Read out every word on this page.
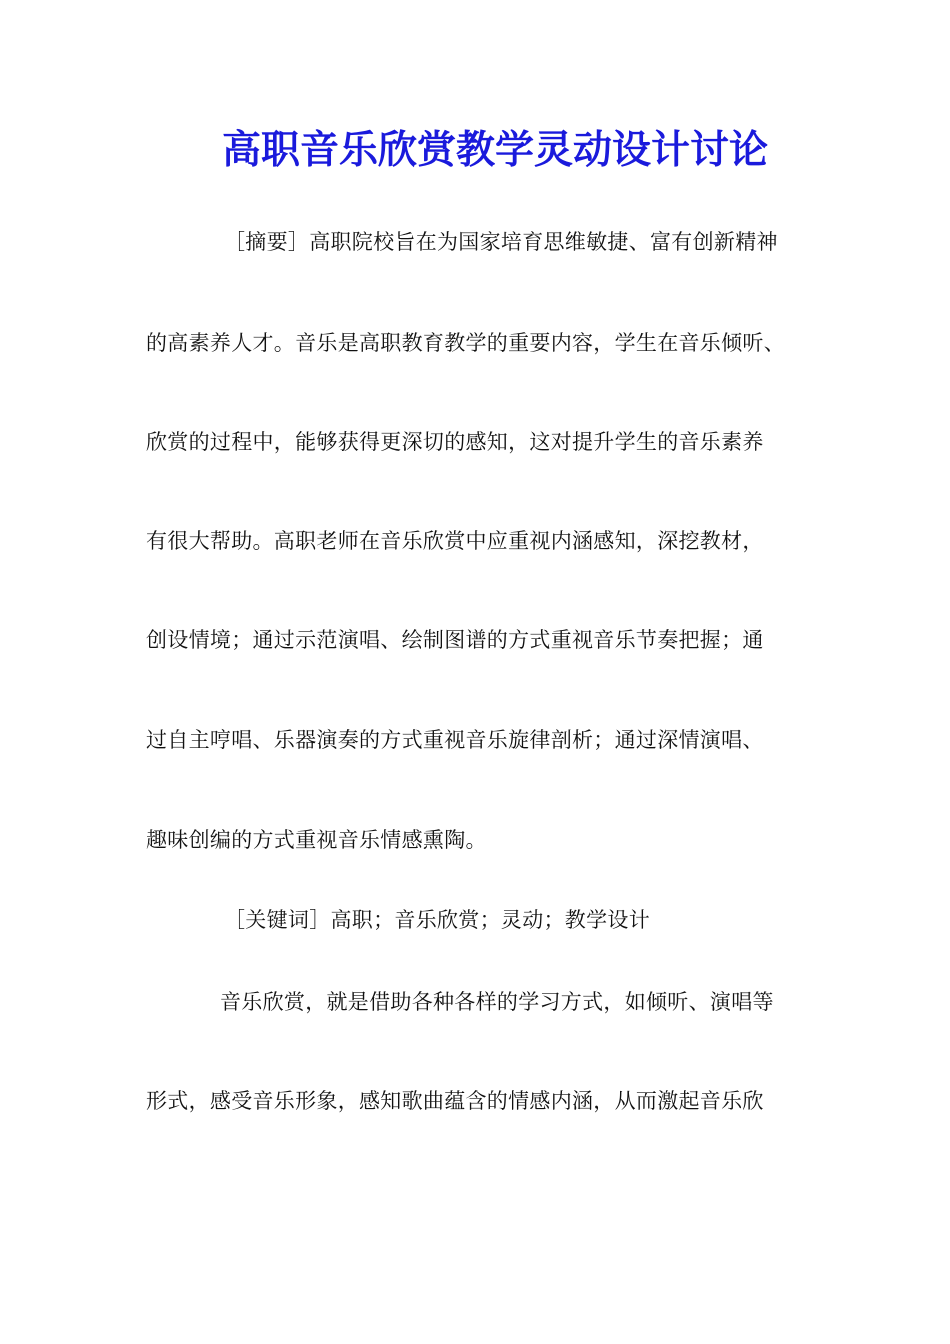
高职音乐欣赏教学灵动设计讨论
［摘要］高职院校旨在为国家培育思维敏捷、富有创新精神
的高素养人才。音乐是高职教育教学的重要内容，学生在音乐倾听、
欣赏的过程中，能够获得更深切的感知，这对提升学生的音乐素养
有很大帮助。高职老师在音乐欣赏中应重视内涵感知，深挖教材，
创设情境；通过示范演唱、绘制图谱的方式重视音乐节奏把握；通
过自主哼唱、乐器演奏的方式重视音乐旋律剖析；通过深情演唱、
趣味创编的方式重视音乐情感熏陶。
［关键词］高职；音乐欣赏；灵动；教学设计
音乐欣赏，就是借助各种各样的学习方式，如倾听、演唱等
形式，感受音乐形象，感知歌曲蕴含的情感内涵，从而激起音乐欣
